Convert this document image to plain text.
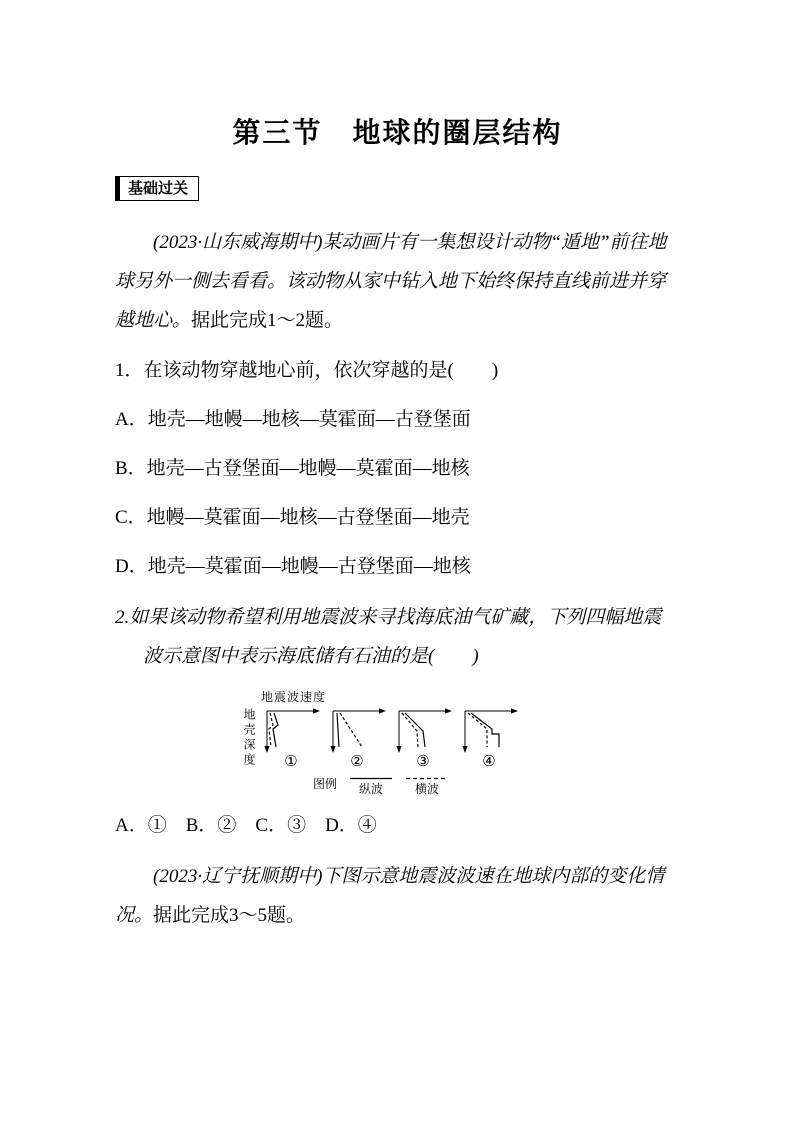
第三节　地球的圈层结构
基础过关

(2023·山东威海期中)某动画片有一集想设计动物“遁地”前往地球另外一侧去看看。该动物从家中钻入地下始终保持直线前进并穿越地心。据此完成1～2题。

1．在该动物穿越地心前，依次穿越的是(　　)

A．地壳—地幔—地核—莫霍面—古登堡面
B．地壳—古登堡面—地幔—莫霍面—地核
C．地幔—莫霍面—地核—古登堡面—地壳
D．地壳—莫霍面—地幔—古登堡面—地核

2.如果该动物希望利用地震波来寻找海底油气矿藏，下列四幅地震波示意图中表示海底储有石油的是(　　)

地震波速度
地壳深度	①	②	③	④
图例 纵波	横波
A．①　B．②　C．③　D．④

(2023·辽宁抚顺期中)下图示意地震波波速在地球内部的变化情况。据此完成3～5题。
